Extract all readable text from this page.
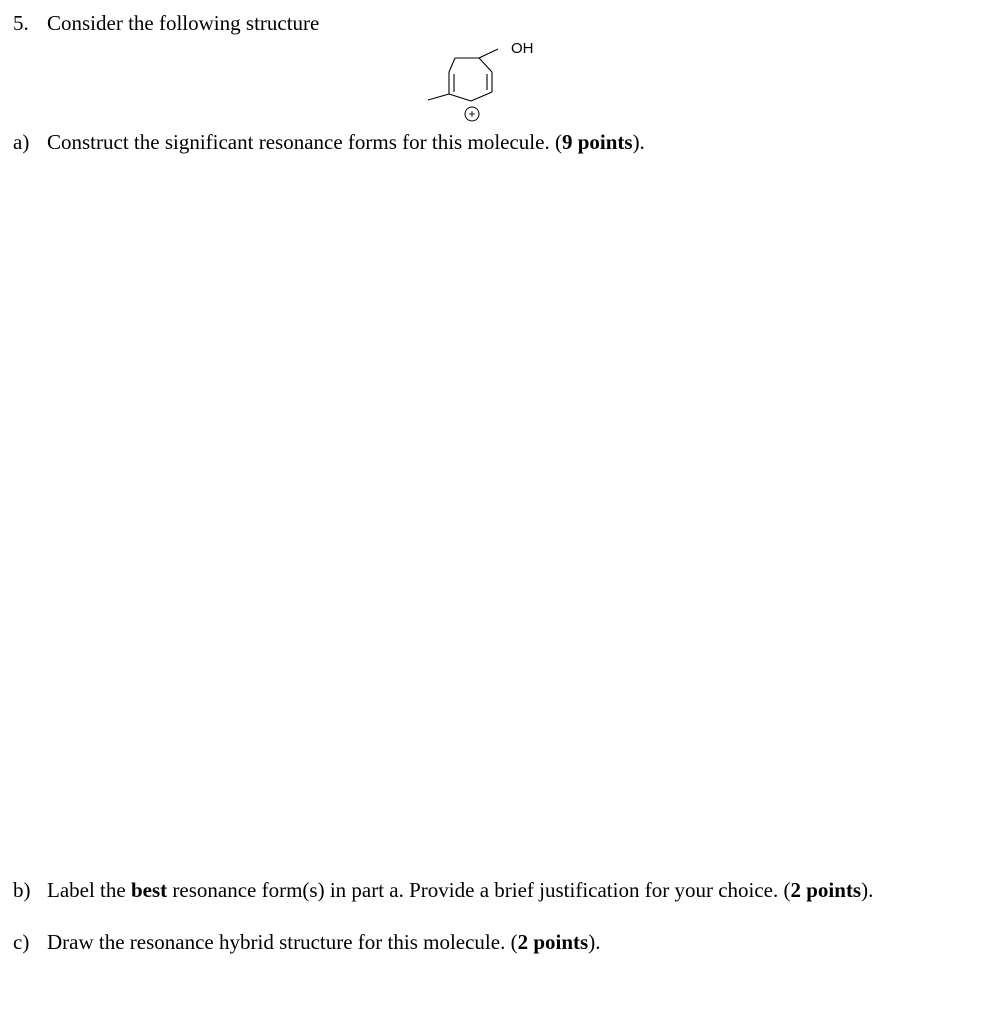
5. Consider the following structure
OH
+
a) Construct the significant resonance forms for this molecule. (9 points).
b) Label the best resonance form(s) in part a. Provide a brief justification for your choice. (2 points).
c) Draw the resonance hybrid structure for this molecule. (2 points).
